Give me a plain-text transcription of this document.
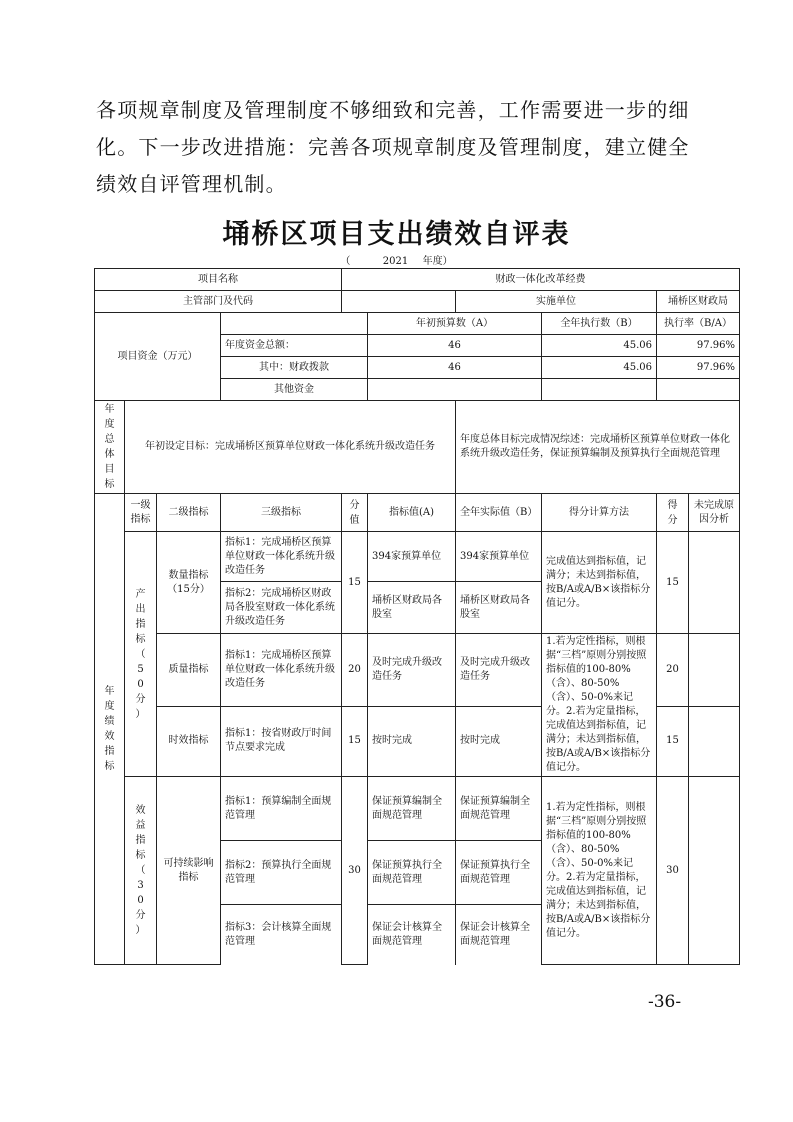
各项规章制度及管理制度不够细致和完善，工作需要进一步的细

化。下一步改进措施：完善各项规章制度及管理制度，建立健全

绩效自评管理机制。

埇桥区项目支出绩效自评表
（	2021 年度）
项目名称				财政一体化改革经费					
主管部门及代码						实施单位		埇桥区财政局	
项目资金（万元）					年初预算数（A）		全年执行数（B）	执行率（B/A）	
			年度资金总额：		46		45.06	97.96%	
			其中：财政拨款		46		45.06	97.96%	
			其他资金						
年度总体目标	年初设定目标：完成埇桥区预算单位财政一体化系统升级改造任务					年度总体目标完成情况综述：完成埇桥区预算单位财政一体化系统升级改造任务，保证预算编制及预算执行全面规范管理			
年度绩效指标	一级指标	二级指标	三级指标	分值	指标值(A)	全年实际值（B）	得分计算方法	得分	未完成原因分析
	产出指标（50分）	数量指标（15分）	指标1：完成埇桥区预算单位财政一体化系统升级改造任务	15	394家预算单位	394家预算单位	完成值达到指标值，记满分；未达到指标值，按B/A或A/B×该指标分值记分。	15	
			指标2：完成埇桥区财政局各股室财政一体化系统升级改造任务		埇桥区财政局各股室	埇桥区财政局各股室			
		质量指标	指标1：完成埇桥区预算单位财政一体化系统升级改造任务	20	及时完成升级改造任务	及时完成升级改造任务	1.若为定性指标，则根据“三档”原则分别按照指标值的100-80%（含）、80-50%（含）、50-0%来记分。2.若为定量指标，完成值达到指标值，记满分；未达到指标值，按B/A或A/B×该指标分值记分。	20	
		时效指标	指标1：按省财政厅时间节点要求完成	15	按时完成	按时完成		15	
	效益指标（30分）	可持续影响指标	指标1：预算编制全面规范管理	30	保证预算编制全面规范管理	保证预算编制全面规范管理	1.若为定性指标，则根据“三档”原则分别按照指标值的100-80%（含）、80-50%（含）、50-0%来记分。2.若为定量指标，完成值达到指标值，记满分；未达到指标值，按B/A或A/B×该指标分值记分。	30	
			指标2：预算执行全面规范管理		保证预算执行全面规范管理	保证预算执行全面规范管理			
			指标3：会计核算全面规范管理		保证会计核算全面规范管理	保证会计核算全面规范管理			
-36-
